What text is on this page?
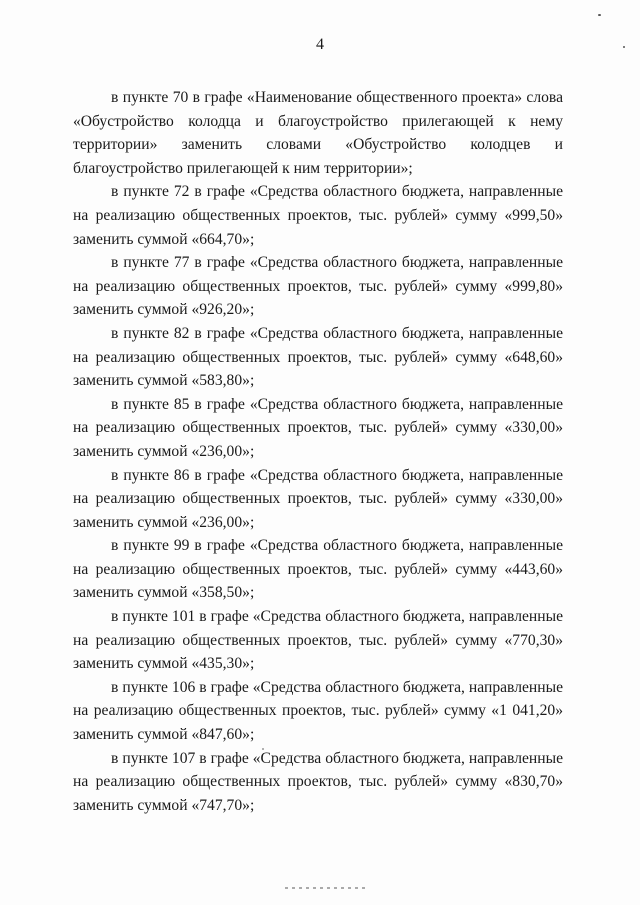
4

в пункте 70 в графе «Наименование общественного проекта» слова «Обустройство колодца и благоустройство прилегающей к нему территории» заменить словами «Обустройство колодцев и благоустройство прилегающей к ним территории»;

в пункте 72 в графе «Средства областного бюджета, направленные на реализацию общественных проектов, тыс. рублей» сумму «999,50» заменить суммой «664,70»;

в пункте 77 в графе «Средства областного бюджета, направленные на реализацию общественных проектов, тыс. рублей» сумму «999,80» заменить суммой «926,20»;

в пункте 82 в графе «Средства областного бюджета, направленные на реализацию общественных проектов, тыс. рублей» сумму «648,60» заменить суммой «583,80»;

в пункте 85 в графе «Средства областного бюджета, направленные на реализацию общественных проектов, тыс. рублей» сумму «330,00» заменить суммой «236,00»;

в пункте 86 в графе «Средства областного бюджета, направленные на реализацию общественных проектов, тыс. рублей» сумму «330,00» заменить суммой «236,00»;

в пункте 99 в графе «Средства областного бюджета, направленные на реализацию общественных проектов, тыс. рублей» сумму «443,60» заменить суммой «358,50»;

в пункте 101 в графе «Средства областного бюджета, направленные на реализацию общественных проектов, тыс. рублей» сумму «770,30» заменить суммой «435,30»;

в пункте 106 в графе «Средства областного бюджета, направленные на реализацию общественных проектов, тыс. рублей» сумму «1 041,20» заменить суммой «847,60»;

в пункте 107 в графе «Средства областного бюджета, направленные на реализацию общественных проектов, тыс. рублей» сумму «830,70» заменить суммой «747,70»;
